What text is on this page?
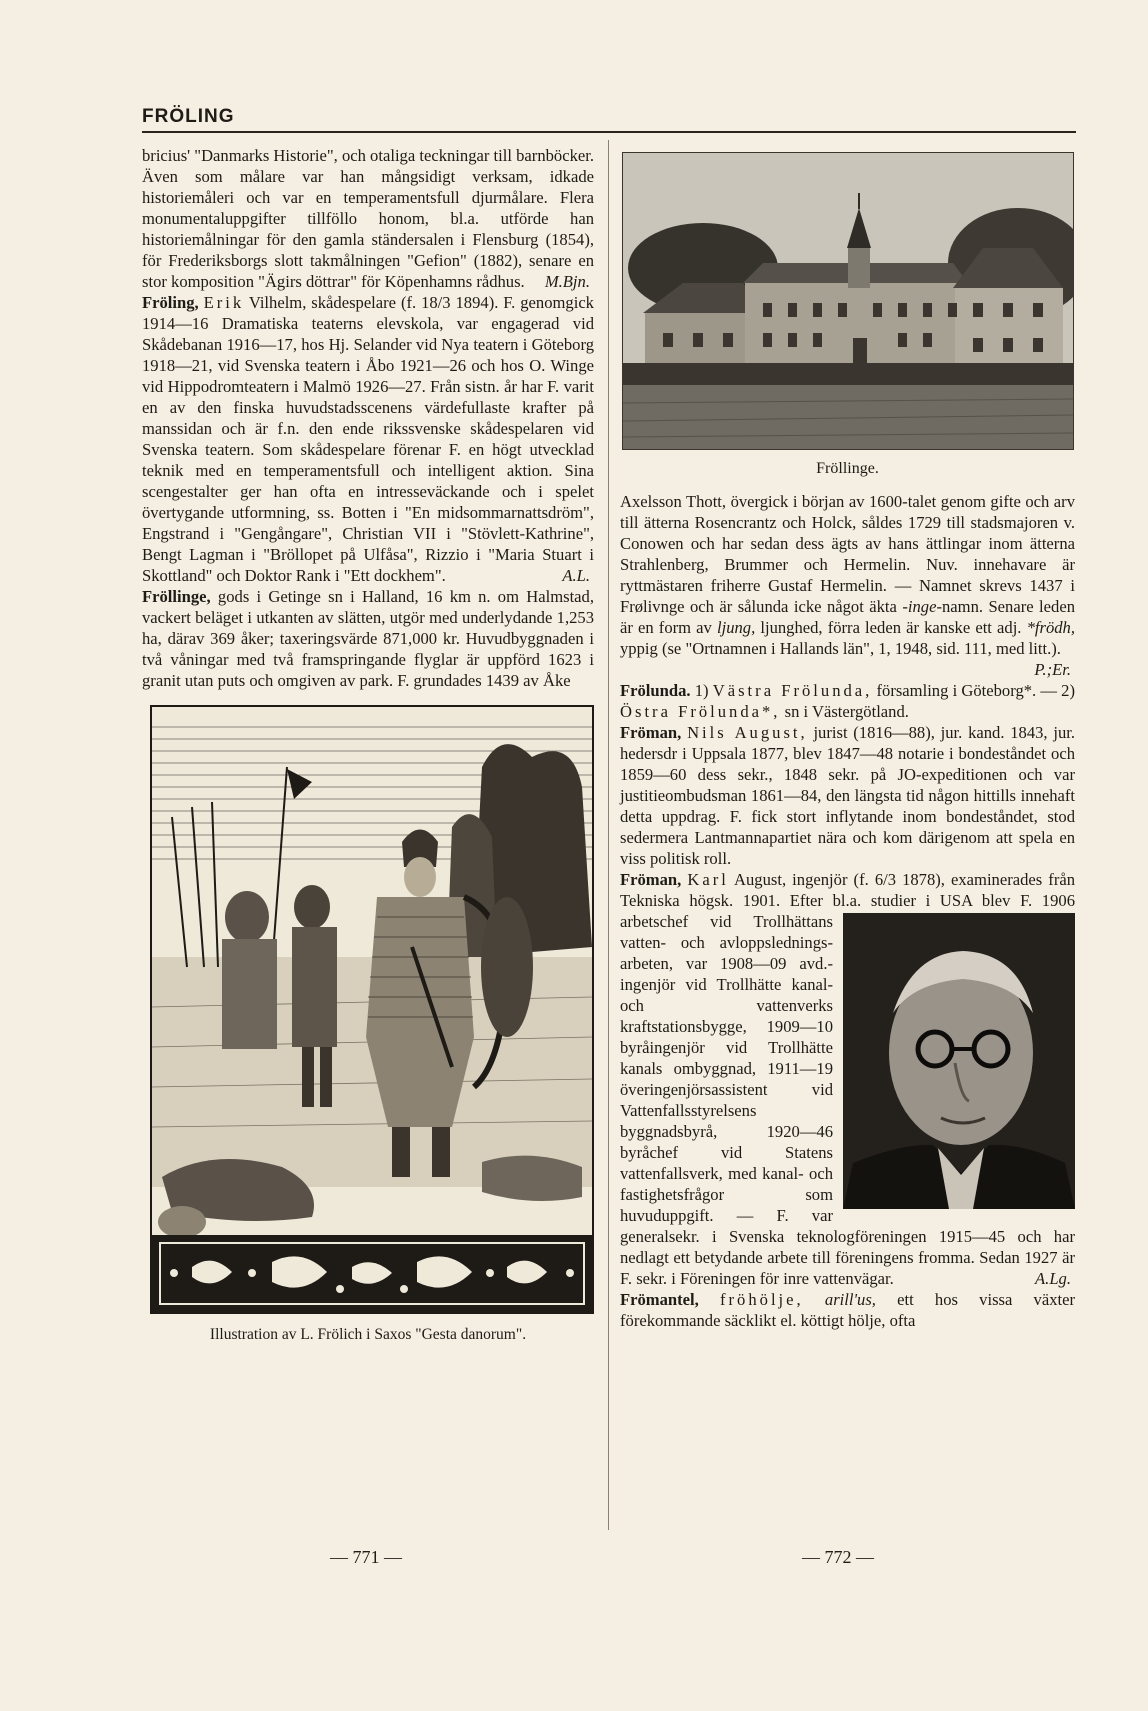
FRÖLING

bricius' "Danmarks Historie", och otaliga teckningar till barnböcker. Även som målare var han mångsidigt verksam, idkade historiemåleri och var en temperamentsfull djurmålare. Flera monumentaluppgifter tillföllo honom, bl.a. utförde han historiemålningar för den gamla ständersalen i Flensburg (1854), för Frederiksborgs slott takmålningen "Gefion" (1882), senare en stor komposition "Ägirs döttrar" för Köpenhamns rådhus. M.Bjn.

Fröling, Erik Vilhelm, skådespelare (f. 18/3 1894). F. genomgick 1914—16 Dramatiska teaterns elevskola, var engagerad vid Skådebanan 1916—17, hos Hj. Selander vid Nya teatern i Göteborg 1918—21, vid Svenska teatern i Åbo 1921—26 och hos O. Winge vid Hippodromteatern i Malmö 1926—27. Från sistn. år har F. varit en av den finska huvudstadsscenens värdefullaste krafter på manssidan och är f.n. den ende rikssvenske skådespelaren vid Svenska teatern. Som skådespelare förenar F. en högt utvecklad teknik med en temperamentsfull och intelligent aktion. Sina scengestalter ger han ofta en intresseväckande och i spelet övertygande utformning, ss. Botten i "En midsommarnattsdröm", Engstrand i "Gengångare", Christian VII i "Stövlett-Kathrine", Bengt Lagman i "Bröllopet på Ulfåsa", Rizzio i "Maria Stuart i Skottland" och Doktor Rank i "Ett dockhem".	A.L.

Fröllinge, gods i Getinge sn i Halland, 16 km n. om Halmstad, vackert beläget i utkanten av slätten, utgör med underlydande 1,253 ha, därav 369 åker; taxeringsvärde 871,000 kr. Huvudbyggnaden i två våningar med två framspringande flyglar är uppförd 1623 i granit utan puts och omgiven av park. F. grundades 1439 av Åke

Illustration av L. Frölich i Saxos "Gesta danorum".
Fröllinge.

Axelsson Thott, övergick i början av 1600-talet genom gifte och arv till ätterna Rosencrantz och Holck, såldes 1729 till stadsmajoren v. Conowen och har sedan dess ägts av hans ättlingar inom ätterna Strahlenberg, Brummer och Hermelin. Nuv. innehavare är ryttmästaren friherre Gustaf Hermelin. — Namnet skrevs 1437 i Frølivnge och är sålunda icke något äkta -inge-namn. Senare leden är en form av ljung, ljunghed, förra leden är kanske ett adj. *frödh, yppig (se "Ortnamnen i Hallands län", 1, 1948, sid. 111, med litt.).
P.;Er.

Frölunda. 1) Västra Frölunda, församling i Göteborg*. — 2) Östra Frölunda*, sn i Västergötland.

Fröman, Nils August, jurist (1816—88), jur. kand. 1843, jur. hedersdr i Uppsala 1877, blev 1847—48 notarie i bondeståndet och 1859—60 dess sekr., 1848 sekr. på JO-expeditionen och var justitieombudsman 1861—84, den längsta tid någon hittills innehaft detta uppdrag. F. fick stort inflytande inom bondeståndet, stod sedermera Lantmannapartiet nära och kom därigenom att spela en viss politisk roll.

Fröman, Karl August, ingenjör (f. 6/3 1878), examinerades från Tekniska högsk. 1901. Efter bl.a. studier i USA blev F. 1906 arbetschef vid Trollhättans vatten- och avloppslednings-arbeten, var 1908—09 avd.-ingenjör vid Trollhätte kanal- och vattenverks kraftstationsbygge, 1909—10 byråingenjör vid Trollhätte kanals ombyggnad, 1911—19 överingenjörsassistent vid Vattenfallsstyrelsens byggnadsbyrå, 1920—46 byråchef vid Statens vattenfallsverk, med kanal- och fastighetsfrågor som huvuduppgift. — F. var generalsekr. i Svenska teknologföreningen 1915—45 och har nedlagt ett betydande arbete till föreningens fromma. Sedan 1927 är F. sekr. i Föreningen för inre vattenvägar.	A.Lg.

Frömantel, fröhölje, arill'us, ett hos vissa växter förekommande säcklikt el. köttigt hölje, ofta

— 771 —	— 772 —
